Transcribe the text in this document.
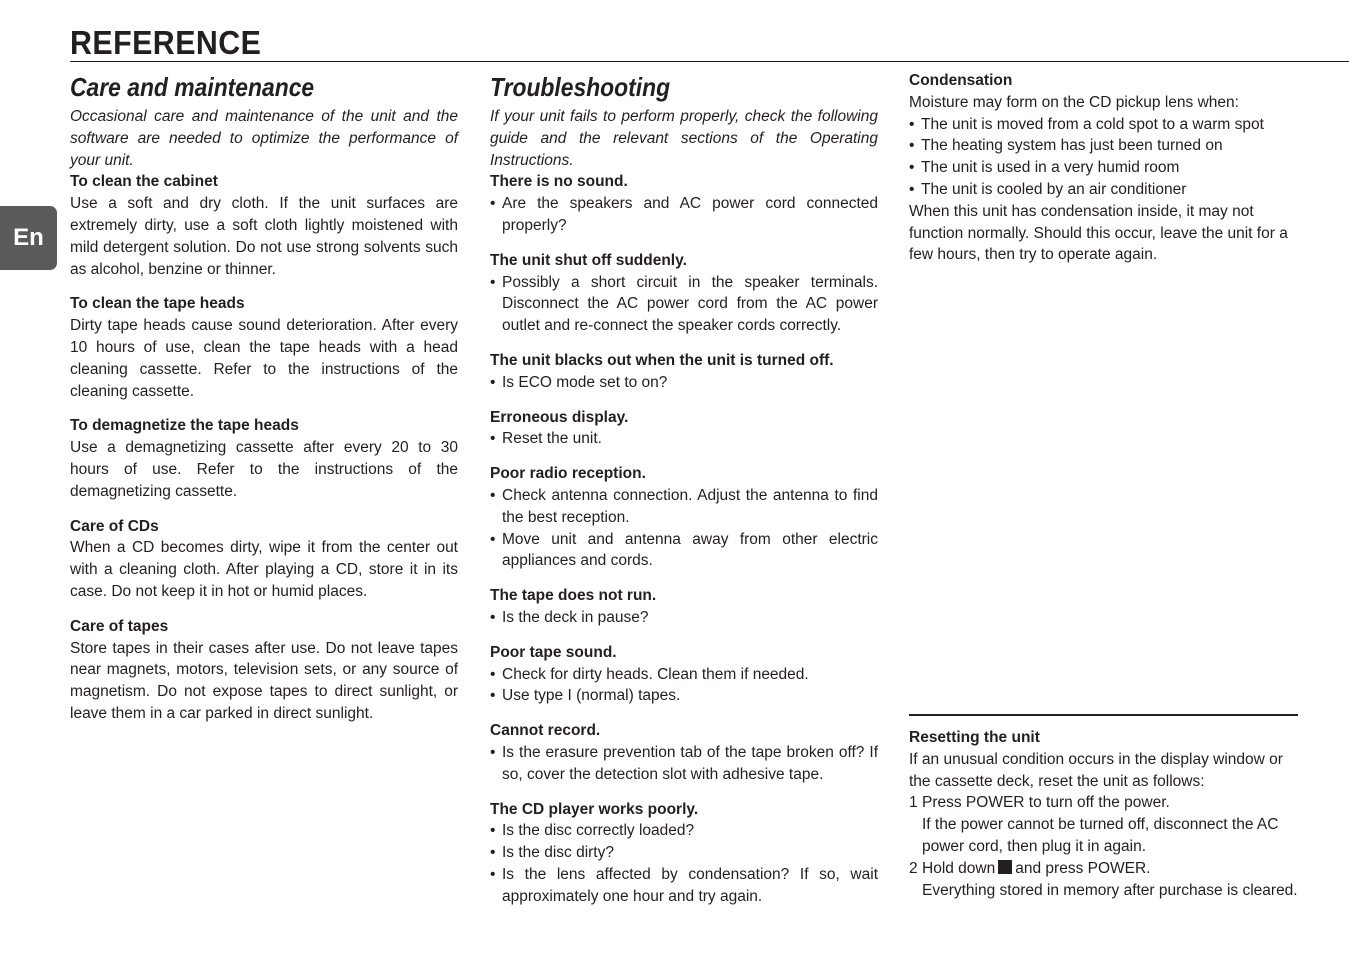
REFERENCE
En
Care and maintenance

Occasional care and maintenance of the unit and the software are needed to optimize the performance of your unit.

To clean the cabinet

Use a soft and dry cloth. If the unit surfaces are extremely dirty, use a soft cloth lightly moistened with mild detergent solution. Do not use strong solvents such as alcohol, benzine or thinner.

To clean the tape heads

Dirty tape heads cause sound deterioration. After every 10 hours of use, clean the tape heads with a head cleaning cassette. Refer to the instructions of the cleaning cassette.

To demagnetize the tape heads

Use a demagnetizing cassette after every 20 to 30 hours of use. Refer to the instructions of the demagnetizing cassette.

Care of CDs

When a CD becomes dirty, wipe it from the center out with a cleaning cloth. After playing a CD, store it in its case. Do not keep it in hot or humid places.

Care of tapes

Store tapes in their cases after use. Do not leave tapes near magnets, motors, television sets, or any source of magnetism. Do not expose tapes to direct sunlight, or leave them in a car parked in direct sunlight.

Troubleshooting

If your unit fails to perform properly, check the following guide and the relevant sections of the Operating Instructions.

There is no sound.

• Are the speakers and AC power cord connected properly?

The unit shut off suddenly.

• Possibly a short circuit in the speaker terminals. Disconnect the AC power cord from the AC power outlet and re-connect the speaker cords correctly.

The unit blacks out when the unit is turned off.

• Is ECO mode set to on?

Erroneous display.

• Reset the unit.

Poor radio reception.

• Check antenna connection. Adjust the antenna to find the best reception.
• Move unit and antenna away from other electric appliances and cords.

The tape does not run.

• Is the deck in pause?

Poor tape sound.

• Check for dirty heads. Clean them if needed.
• Use type I (normal) tapes.

Cannot record.

• Is the erasure prevention tab of the tape broken off? If so, cover the detection slot with adhesive tape.

The CD player works poorly.

• Is the disc correctly loaded?
• Is the disc dirty?
• Is the lens affected by condensation? If so, wait approximately one hour and try again.

Condensation

Moisture may form on the CD pickup lens when:

• The unit is moved from a cold spot to a warm spot
• The heating system has just been turned on
• The unit is used in a very humid room
• The unit is cooled by an air conditioner

When this unit has condensation inside, it may not function normally. Should this occur, leave the unit for a few hours, then try to operate again.

Resetting the unit

If an unusual condition occurs in the display window or the cassette deck, reset the unit as follows:

1 Press POWER to turn off the power.
If the power cannot be turned off, disconnect the AC power cord, then plug it in again.
2 Hold down and press POWER.
Everything stored in memory after purchase is cleared.
